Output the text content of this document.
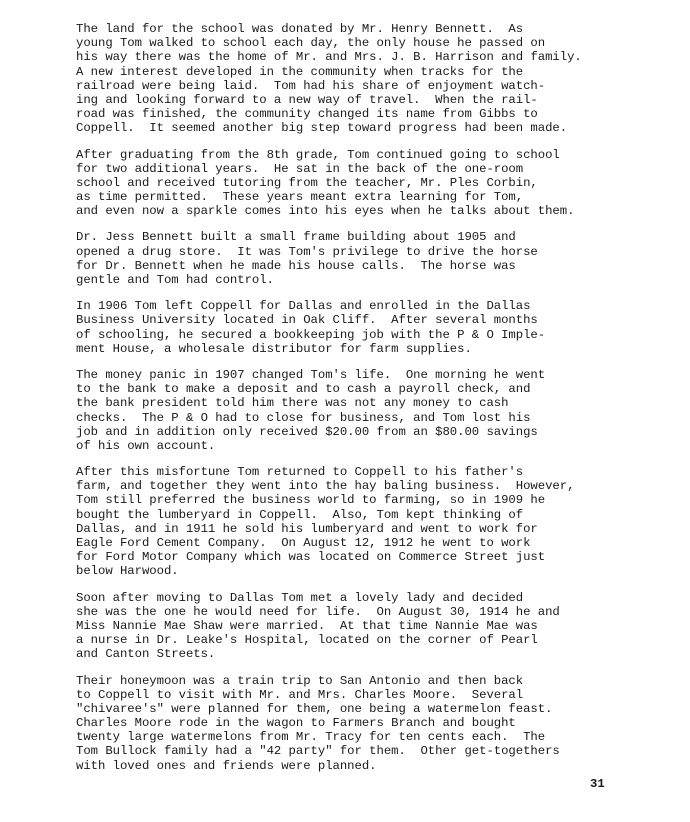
The land for the school was donated by Mr. Henry Bennett.  As
young Tom walked to school each day, the only house he passed on
his way there was the home of Mr. and Mrs. J. B. Harrison and family.
A new interest developed in the community when tracks for the
railroad were being laid.  Tom had his share of enjoyment watch-
ing and looking forward to a new way of travel.  When the rail-
road was finished, the community changed its name from Gibbs to
Coppell.  It seemed another big step toward progress had been made.
After graduating from the 8th grade, Tom continued going to school
for two additional years.  He sat in the back of the one-room
school and received tutoring from the teacher, Mr. Ples Corbin,
as time permitted.  These years meant extra learning for Tom,
and even now a sparkle comes into his eyes when he talks about them.
Dr. Jess Bennett built a small frame building about 1905 and
opened a drug store.  It was Tom's privilege to drive the horse
for Dr. Bennett when he made his house calls.  The horse was
gentle and Tom had control.
In 1906 Tom left Coppell for Dallas and enrolled in the Dallas
Business University located in Oak Cliff.  After several months
of schooling, he secured a bookkeeping job with the P & O Imple-
ment House, a wholesale distributor for farm supplies.
The money panic in 1907 changed Tom's life.  One morning he went
to the bank to make a deposit and to cash a payroll check, and
the bank president told him there was not any money to cash
checks.  The P & O had to close for business, and Tom lost his
job and in addition only received $20.00 from an $80.00 savings
of his own account.
After this misfortune Tom returned to Coppell to his father's
farm, and together they went into the hay baling business.  However,
Tom still preferred the business world to farming, so in 1909 he
bought the lumberyard in Coppell.  Also, Tom kept thinking of
Dallas, and in 1911 he sold his lumberyard and went to work for
Eagle Ford Cement Company.  On August 12, 1912 he went to work
for Ford Motor Company which was located on Commerce Street just
below Harwood.
Soon after moving to Dallas Tom met a lovely lady and decided
she was the one he would need for life.  On August 30, 1914 he and
Miss Nannie Mae Shaw were married.  At that time Nannie Mae was
a nurse in Dr. Leake's Hospital, located on the corner of Pearl
and Canton Streets.
Their honeymoon was a train trip to San Antonio and then back
to Coppell to visit with Mr. and Mrs. Charles Moore.  Several
"chivaree's" were planned for them, one being a watermelon feast.
Charles Moore rode in the wagon to Farmers Branch and bought
twenty large watermelons from Mr. Tracy for ten cents each.  The
Tom Bullock family had a "42 party" for them.  Other get-togethers
with loved ones and friends were planned.
31
